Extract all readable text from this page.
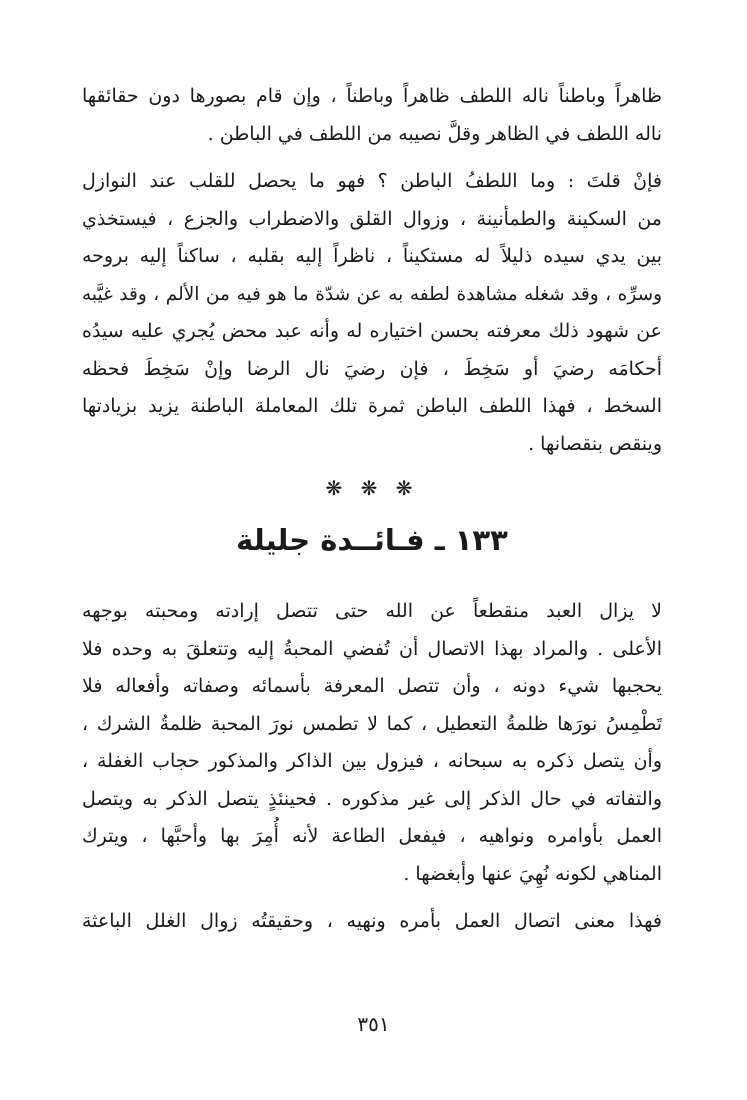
ظاهراً وباطناً ناله اللطف ظاهراً وباطناً ، وإن قام بصورها دون حقائقها
ناله اللطف في الظاهر وقلَّ نصيبه من اللطف في الباطن .
فإنْ قلتَ : وما اللطفُ الباطن ؟ فهو ما يحصل للقلب عند النوازل
من السكينة والطمأنينة ، وزوال القلق والاضطراب والجزع ، فيستخذي
بين يدي سيده ذليلاً له مستكيناً ، ناظراً إليه بقلبه ، ساكناً إليه بروحه
وسرِّه ، وقد شغله مشاهدة لطفه به عن شدّة ما هو فيه من الألم ، وقد غيَّبه
عن شهود ذلك معرفته بحسن اختياره له وأنه عبد محض يُجري عليه سيدُه
أحكامَه رضيَ أو سَخِطَ ، فإن رضيَ نال الرضا وإنْ سَخِطَ فحظه
السخط ، فهذا اللطف الباطن ثمرة تلك المعاملة الباطنة يزيد بزيادتها
وينقص بنقصانها .
❋ ❋ ❋
١٣٣ ـ فـائــدة جليلة
لا يزال العبد منقطعاً عن الله حتى تتصل إرادته ومحبته بوجهه
الأعلى . والمراد بهذا الاتصال أن تُفضي المحبةُ إليه وتتعلقَ به وحده فلا
يحجبها شيء دونه ، وأن تتصل المعرفة بأسمائه وصفاته وأفعاله فلا
تَطْمِسُ نورَها ظلمةُ التعطيل ، كما لا تطمس نورَ المحبة ظلمةُ الشرك ،
وأن يتصل ذكره به سبحانه ، فيزول بين الذاكر والمذكور حجاب الغفلة ،
والتفاته في حال الذكر إلى غير مذكوره . فحينئذٍ يتصل الذكر به ويتصل
العمل بأوامره ونواهيه ، فيفعل الطاعة لأنه أُمِرَ بها وأحبَّها ، ويترك
المناهي لكونه نُهِيَ عنها وأبغضها .
فهذا معنى اتصال العمل بأمره ونهيه ، وحقيقتُه زوال الغلل الباعثة
٣٥١
